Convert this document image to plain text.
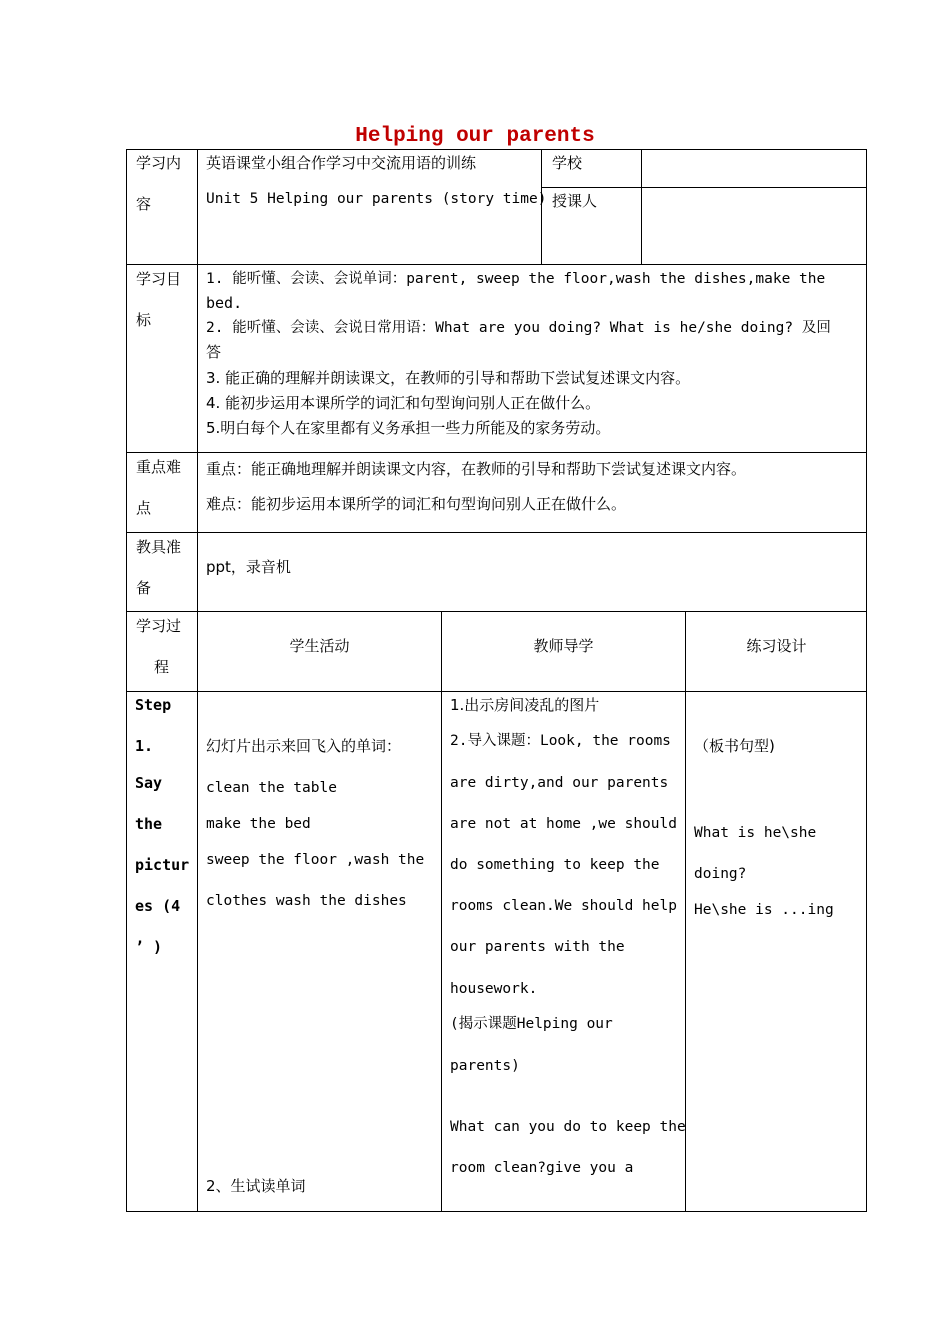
Helping our parents
学习内
容
英语课堂小组合作学习中交流用语的训练
Unit 5 Helping our parents (story time)
学校
授课人
学习目
标
1. 能听懂、会读、会说单词：parent, sweep the floor,wash the dishes,make the
bed.
2. 能听懂、会读、会说日常用语：What are you doing? What is he/she doing? 及回
答
3. 能正确的理解并朗读课文，在教师的引导和帮助下尝试复述课文内容。
4. 能初步运用本课所学的词汇和句型询问别人正在做什么。
5.明白每个人在家里都有义务承担一些力所能及的家务劳动。
重点难
点
重点：能正确地理解并朗读课文内容，在教师的引导和帮助下尝试复述课文内容。
难点：能初步运用本课所学的词汇和句型询问别人正在做什么。
教具准
备
ppt，录音机
学习过
程
学生活动	教师导学	练习设计
Step
1.
Say
the
pictur
es (4
’ )
幻灯片出示来回飞入的单词：
clean the table
make the bed
sweep the floor ,wash the
clothes wash the dishes
2、生试读单词
1.出示房间凌乱的图片
2.导入课题：Look, the rooms
are dirty,and our parents
are not at home ,we should
do something to keep the
rooms clean.We should help
our parents with the
housework.
(揭示课题Helping our
parents)
What can you do to keep the
room clean?give you a
（板书句型)
What is he\she
doing?
He\she is ...ing
